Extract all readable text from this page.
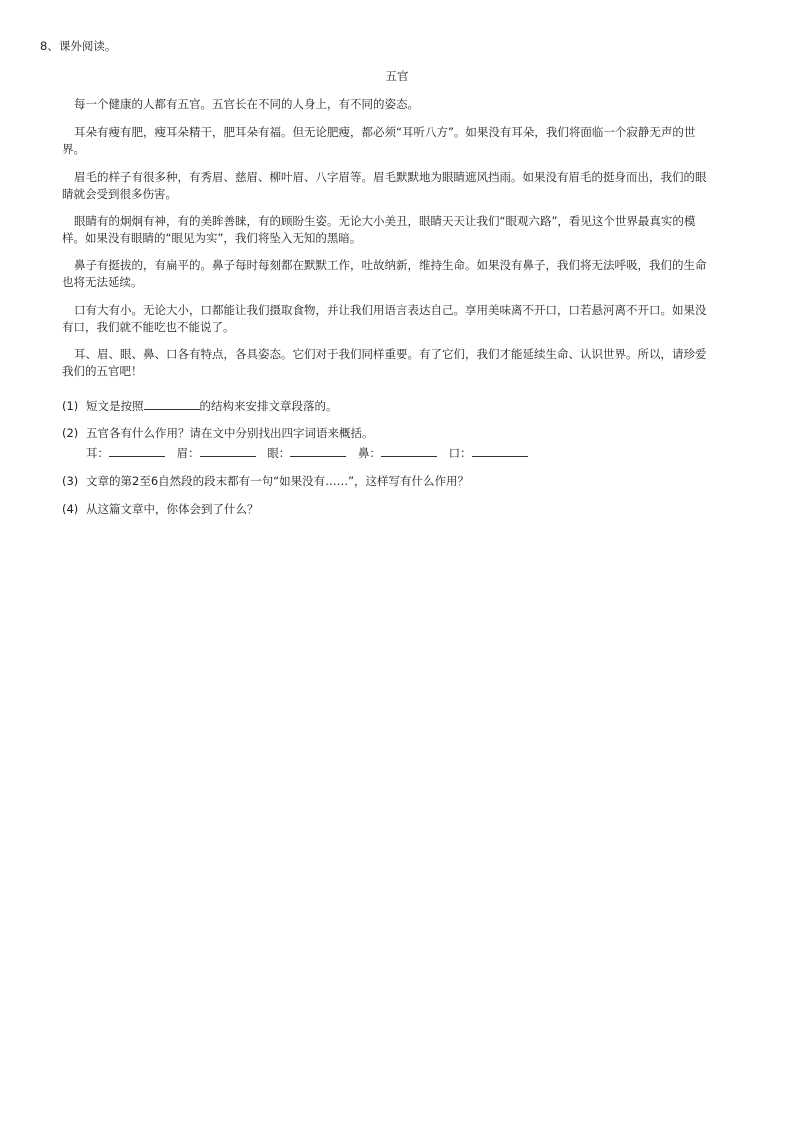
8、课外阅读。
五官

每一个健康的人都有五官。五官长在不同的人身上，有不同的姿态。

耳朵有瘦有肥，瘦耳朵精干，肥耳朵有福。但无论肥瘦，都必须“耳听八方”。如果没有耳朵，我们将面临一个寂静无声的世界。

眉毛的样子有很多种，有秀眉、慈眉、柳叶眉、八字眉等。眉毛默默地为眼睛遮风挡雨。如果没有眉毛的挺身而出，我们的眼睛就会受到很多伤害。

眼睛有的炯炯有神，有的美眸善睐，有的顾盼生姿。无论大小美丑，眼睛天天让我们“眼观六路”，看见这个世界最真实的模样。如果没有眼睛的“眼见为实”，我们将坠入无知的黑暗。

鼻子有挺拔的，有扁平的。鼻子每时每刻都在默默工作，吐故纳新，维持生命。如果没有鼻子，我们将无法呼吸，我们的生命也将无法延续。

口有大有小。无论大小，口都能让我们摄取食物，并让我们用语言表达自己。享用美味离不开口，口若悬河离不开口。如果没有口，我们就不能吃也不能说了。

耳、眉、眼、鼻、口各有特点，各具姿态。它们对于我们同样重要。有了它们，我们才能延续生命、认识世界。所以，请珍爱我们的五官吧！

(1) 短文是按照	的结构来安排文章段落的。
(2) 五官各有什么作用？请在文中分别找出四字词语来概括。
耳：	眉：	眼：	鼻：	口：
(3) 文章的第2至6自然段的段末都有一句“如果没有……”，这样写有什么作用？
(4) 从这篇文章中，你体会到了什么？
